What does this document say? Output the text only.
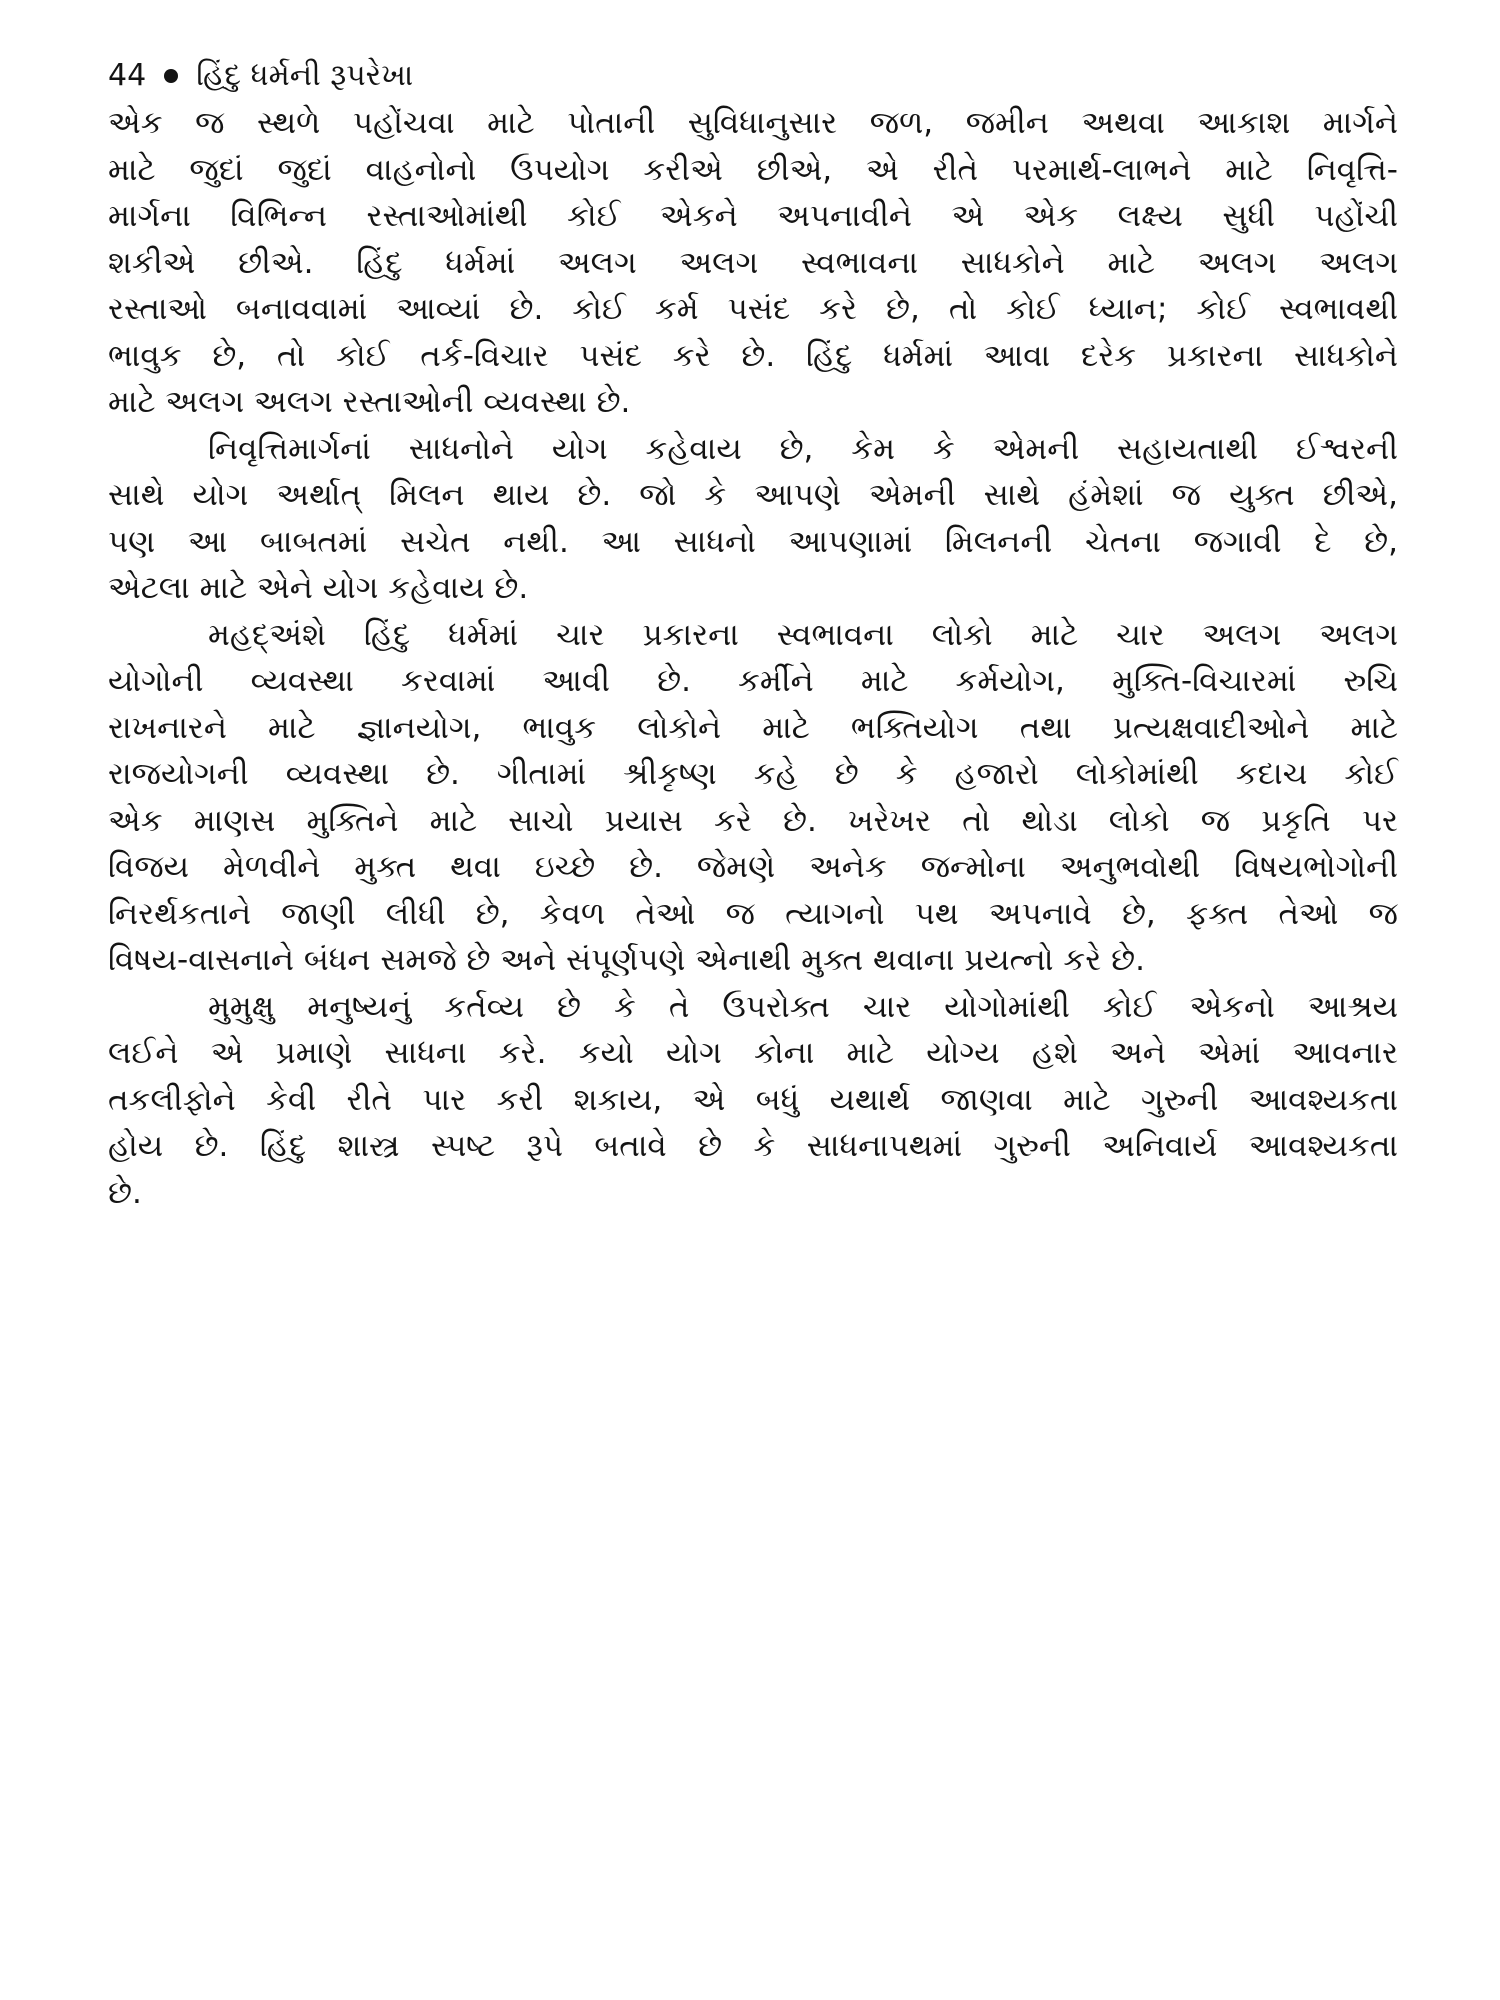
44 હિંદુ ધર્મની રૂપરેખા
એક જ સ્થળે પહોંચવા માટે પોતાની સુવિધાનુસાર જળ, જમીન અથવા આકાશ માર્ગને
માટે જુદાં જુદાં વાહનોનો ઉપયોગ કરીએ છીએ, એ રીતે પરમાર્થ-લાભને માટે નિવૃત્તિ-
માર્ગના વિભિન્ન રસ્તાઓમાંથી કોઈ એકને અપનાવીને એ એક લક્ષ્ય સુધી પહોંચી
શકીએ છીએ. હિંદુ ધર્મમાં અલગ અલગ સ્વભાવના સાધકોને માટે અલગ અલગ
રસ્તાઓ બનાવવામાં આવ્યાં છે. કોઈ કર્મ પસંદ કરે છે, તો કોઈ ધ્યાન; કોઈ સ્વભાવથી
ભાવુક છે, તો કોઈ તર્ક-વિચાર પસંદ કરે છે. હિંદુ ધર્મમાં આવા દરેક પ્રકારના સાધકોને
માટે અલગ અલગ રસ્તાઓની વ્યવસ્થા છે.
નિવૃત્તિમાર્ગનાં સાધનોને યોગ કહેવાય છે, કેમ કે એમની સહાયતાથી ઈશ્વરની
સાથે યોગ અર્થાત્ મિલન થાય છે. જો કે આપણે એમની સાથે હંમેશાં જ યુક્ત છીએ,
પણ આ બાબતમાં સચેત નથી. આ સાધનો આપણામાં મિલનની ચેતના જગાવી દે છે,
એટલા માટે એને યોગ કહેવાય છે.
મહદ્અંશે હિંદુ ધર્મમાં ચાર પ્રકારના સ્વભાવના લોકો માટે ચાર અલગ અલગ
યોગોની વ્યવસ્થા કરવામાં આવી છે. કર્મીને માટે કર્મયોગ, મુક્તિ-વિચારમાં રુચિ
રાખનારને માટે જ્ઞાનયોગ, ભાવુક લોકોને માટે ભક્તિયોગ તથા પ્રત્યક્ષવાદીઓને માટે
રાજયોગની વ્યવસ્થા છે. ગીતામાં શ્રીકૃષ્ણ કહે છે કે હજારો લોકોમાંથી કદાચ કોઈ
એક માણસ મુક્તિને માટે સાચો પ્રયાસ કરે છે. ખરેખર તો થોડા લોકો જ પ્રકૃતિ પર
વિજય મેળવીને મુક્ત થવા ઇચ્છે છે. જેમણે અનેક જન્મોના અનુભવોથી વિષયભોગોની
નિરર્થકતાને જાણી લીધી છે, કેવળ તેઓ જ ત્યાગનો પથ અપનાવે છે, ફક્ત તેઓ જ
વિષય-વાસનાને બંધન સમજે છે અને સંપૂર્ણપણે એનાથી મુક્ત થવાના પ્રયત્નો કરે છે.
મુમુક્ષુ મનુષ્યનું કર્તવ્ય છે કે તે ઉપરોક્ત ચાર યોગોમાંથી કોઈ એકનો આશ્રય
લઈને એ પ્રમાણે સાધના કરે. કયો યોગ કોના માટે યોગ્ય હશે અને એમાં આવનાર
તકલીફોને કેવી રીતે પાર કરી શકાય, એ બધું યથાર્થ જાણવા માટે ગુરુની આવશ્યકતા
હોય છે. હિંદુ શાસ્ત્ર સ્પષ્ટ રૂપે બતાવે છે કે સાધનાપથમાં ગુરુની અનિવાર્ય આવશ્યકતા
છે.
